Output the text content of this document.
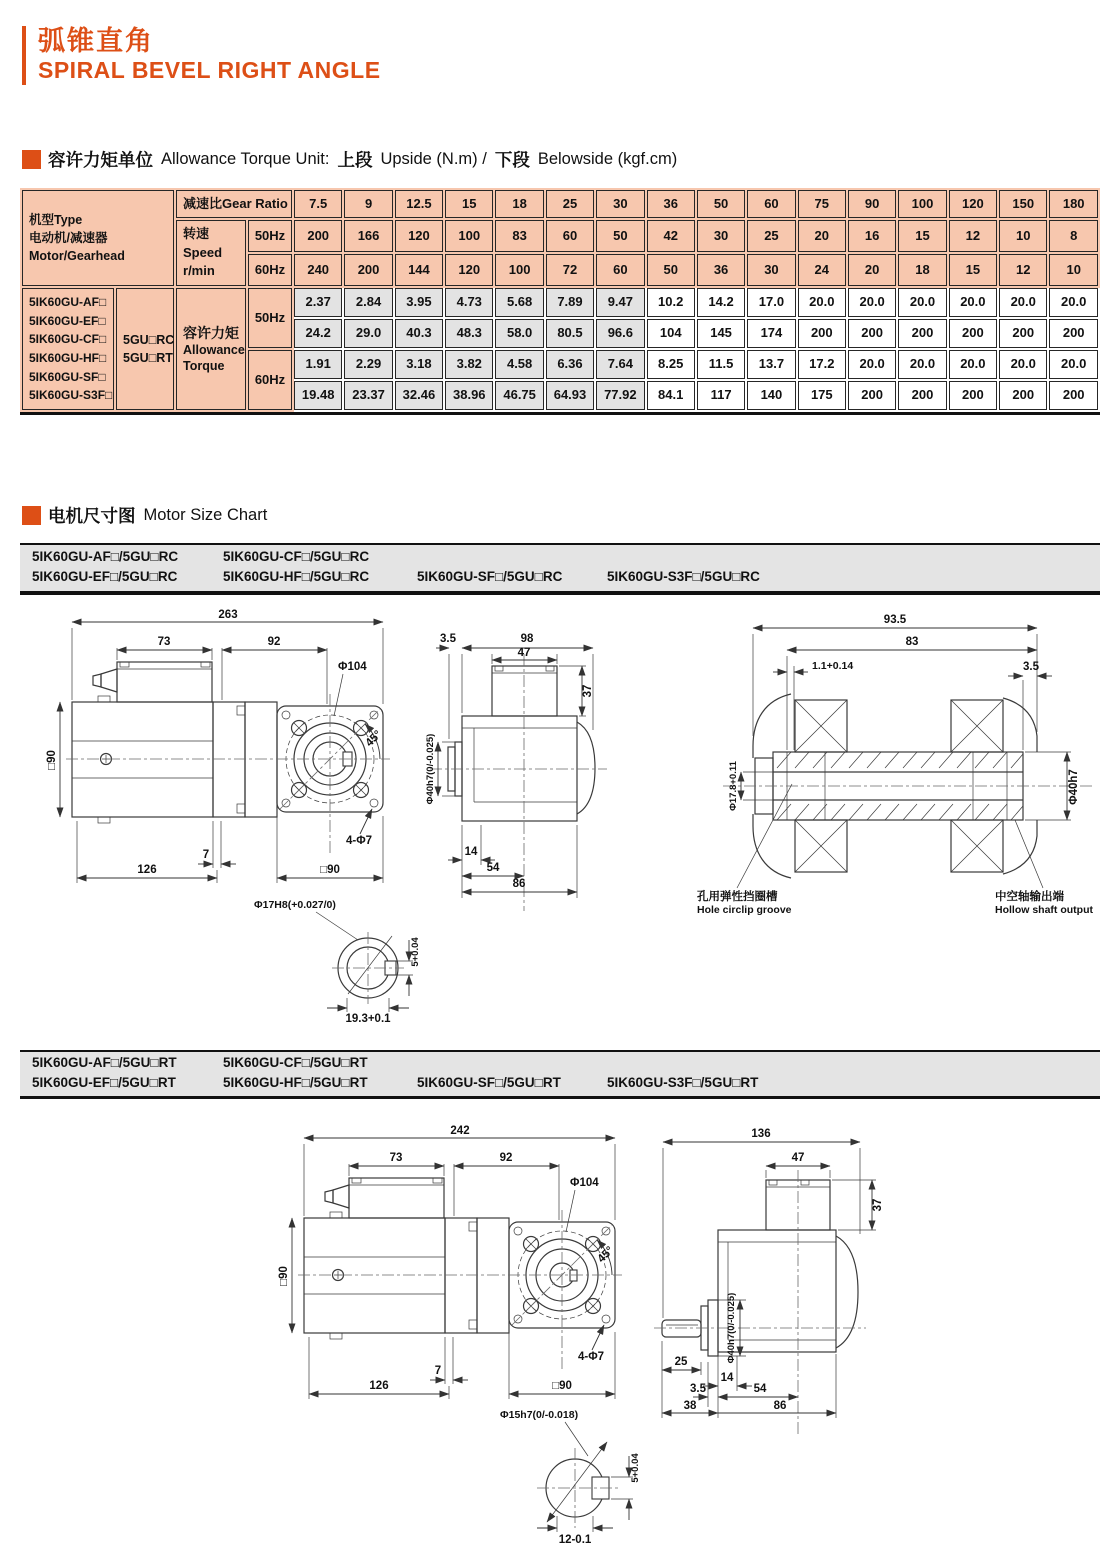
弧锥直角
SPIRAL BEVEL RIGHT ANGLE
容许力矩单位 Allowance Torque Unit: 上段 Upside (N.m) / 下段 Belowside (kgf.cm)
机型Type
电动机/减速器
Motor/Gearhead		减速比Gear Ratio		7.5	9	12.5	15	18	25	30	36	50	60	75	90	100	120	150	180

		转速Speed
r/min	50Hz	200	166	120	100	83	60	50	42	30	25	20	16	15	12	10	8
			60Hz	240	200	144	120	100	72	60	50	36	30	24	20	18	15	12	10

5IK60GU-AF□
5IK60GU-EF□
5IK60GU-CF□
5IK60GU-HF□
5IK60GU-SF□
5IK60GU-S3F□

5GU□RC
5GU□RT

容许力矩
Allowance
Torque
	50Hz	2.37	2.84	3.95	4.73	5.68	7.89	9.47	10.2	14.2	17.0	20.0	20.0	20.0	20.0	20.0	20.0
				24.2	29.0	40.3	48.3	58.0	80.5	96.6	104	145	174	200	200	200	200	200	200
			60Hz	1.91	2.29	3.18	3.82	4.58	6.36	7.64	8.25	11.5	13.7	17.2	20.0	20.0	20.0	20.0	20.0
				19.48	23.37	32.46	38.96	46.75	64.93	77.92	84.1	117	140	175	200	200	200	200	200
电机尺寸图 Motor Size Chart
5IK60GU-AF□/5GU□RC	5IK60GU-CF□/5GU□RC
5IK60GU-EF□/5GU□RC	5IK60GU-HF□/5GU□RC	5IK60GU-SF□/5GU□RC	5IK60GU-S3F□/5GU□RC
263
73	92
□90
7
126	□90
Φ104
45°
4-Φ7
3.5	98
47
37
Φ40h7(0/-0.025)
14
54
86
93.5
83
1.1+0.14	3.5
Φ17.8+0.11	Φ40h7
孔用弹性挡圈槽
Hole circlip groove
中空轴输出端
Hollow shaft output
Φ17H8(+0.027/0)
5+0.04
19.3+0.1
5IK60GU-AF□/5GU□RT	5IK60GU-CF□/5GU□RT
5IK60GU-EF□/5GU□RT	5IK60GU-HF□/5GU□RT	5IK60GU-SF□/5GU□RT	5IK60GU-S3F□/5GU□RT
242
73	92
□90
7
126	□90
Φ104
45°
4-Φ7
136
47
37
Φ40h7(0/-0.025)
25
14
3.5	54
38	86
Φ15h7(0/-0.018)
5+0.04
12-0.1
